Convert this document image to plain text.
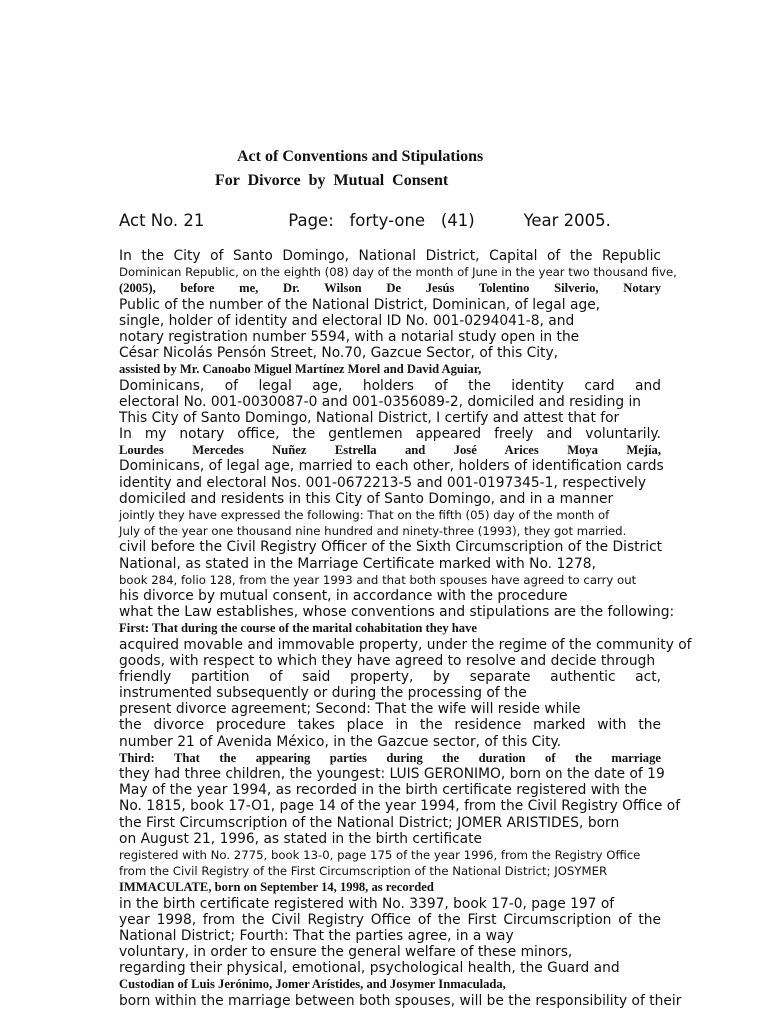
Act of Conventions and Stipulations
For Divorce by Mutual Consent
Act No. 21	Page:   forty-one   (41)	Year 2005.
In the City of Santo Domingo, National District, Capital of the Republic
Dominican Republic, on the eighth (08) day of the month of June in the year two thousand five,
(2005), before me, Dr. Wilson De Jesús Tolentino Silverio, Notary
Public of the number of the National District, Dominican, of legal age,
single, holder of identity and electoral ID No. 001-0294041-8, and
notary registration number 5594, with a notarial study open in the
César Nicolás Pensón Street, No.70, Gazcue Sector, of this City,
assisted by Mr. Canoabo Miguel Martínez Morel and David Aguiar,
Dominicans, of legal age, holders of the identity card and
electoral No. 001-0030087-0 and 001-0356089-2, domiciled and residing in
This City of Santo Domingo, National District, I certify and attest that for
In my notary office, the gentlemen appeared freely and voluntarily.
Lourdes Mercedes Nuñez Estrella and José Arices Moya Mejía,
Dominicans, of legal age, married to each other, holders of identification cards
identity and electoral Nos. 001-0672213-5 and 001-0197345-1, respectively
domiciled and residents in this City of Santo Domingo, and in a manner
jointly they have expressed the following: That on the fifth (05) day of the month of
July of the year one thousand nine hundred and ninety-three (1993), they got married.
civil before the Civil Registry Officer of the Sixth Circumscription of the District
National, as stated in the Marriage Certificate marked with No. 1278,
book 284, folio 128, from the year 1993 and that both spouses have agreed to carry out
his divorce by mutual consent, in accordance with the procedure
what the Law establishes, whose conventions and stipulations are the following:
First: That during the course of the marital cohabitation they have
acquired movable and immovable property, under the regime of the community of
goods, with respect to which they have agreed to resolve and decide through
friendly partition of said property, by separate authentic act,
instrumented subsequently or during the processing of the
present divorce agreement; Second: That the wife will reside while
the divorce procedure takes place in the residence marked with the
number 21 of Avenida México, in the Gazcue sector, of this City.
Third: That the appearing parties during the duration of the marriage
they had three children, the youngest: LUIS GERONIMO, born on the date of 19
May of the year 1994, as recorded in the birth certificate registered with the
No. 1815, book 17-O1, page 14 of the year 1994, from the Civil Registry Office of
the First Circumscription of the National District; JOMER ARISTIDES, born
on August 21, 1996, as stated in the birth certificate
registered with No. 2775, book 13-0, page 175 of the year 1996, from the Registry Office
from the Civil Registry of the First Circumscription of the National District; JOSYMER
IMMACULATE, born on September 14, 1998, as recorded
in the birth certificate registered with No. 3397, book 17-0, page 197 of
year 1998, from the Civil Registry Office of the First Circumscription of the
National District; Fourth: That the parties agree, in a way
voluntary, in order to ensure the general welfare of these minors,
regarding their physical, emotional, psychological health, the Guard and
Custodian of Luis Jerónimo, Jomer Arístides, and Josymer Inmaculada,
born within the marriage between both spouses, will be the responsibility of their
